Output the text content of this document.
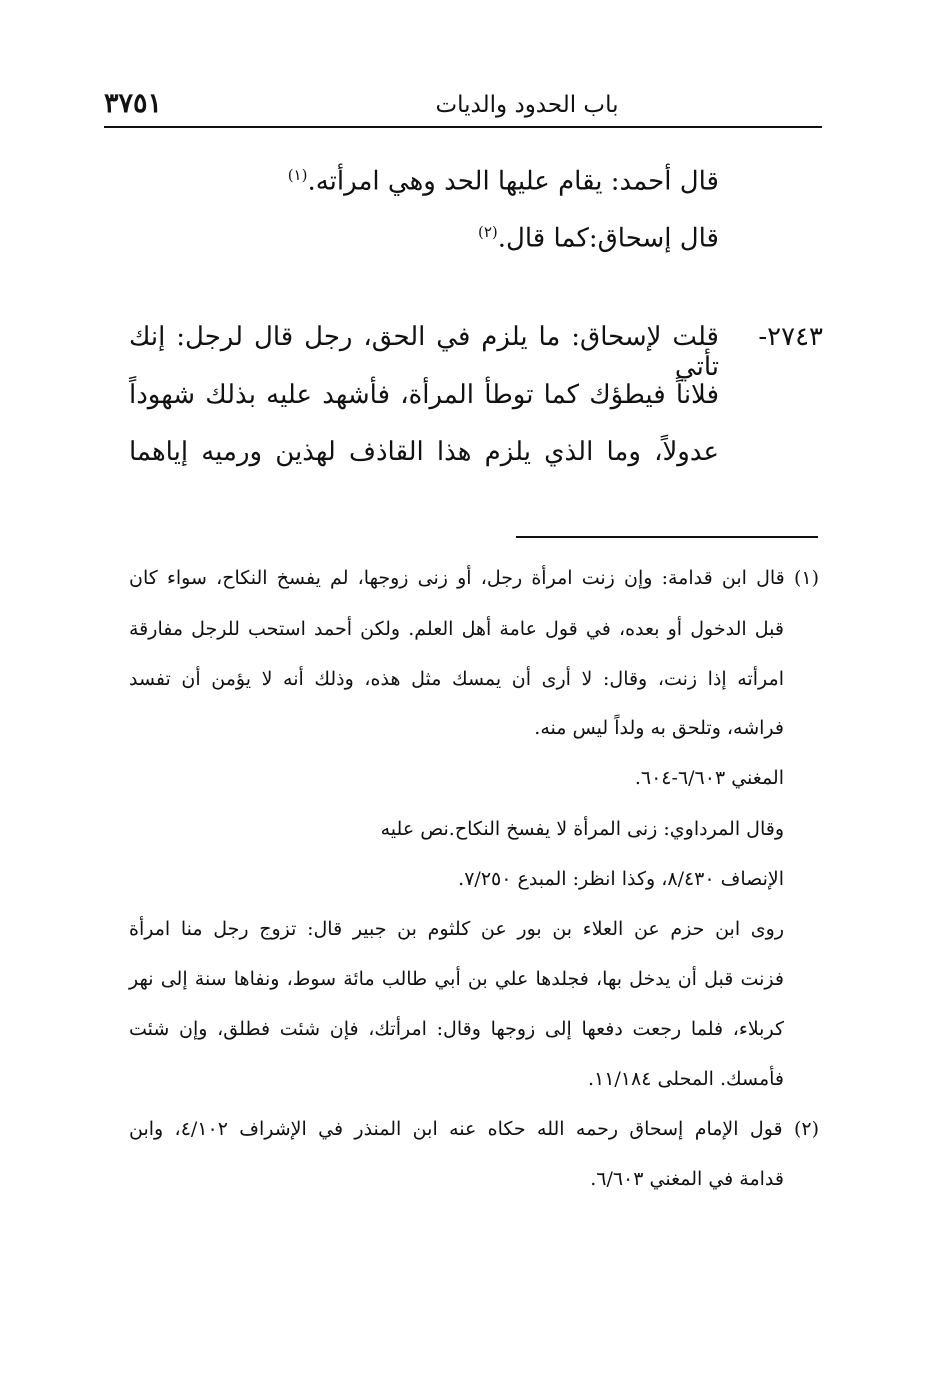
باب الحدود والديات
٣٧٥١
قال أحمد: يقام عليها الحد وهي امرأته.$^{(١)}$
قال إسحاق:كما قال.$^{(٢)}$
٢٧٤٣-
قلت لإسحاق: ما يلزم في الحق، رجل قال لرجل: إنك تأتي
فلاناً فيطؤك كما توطأ المرأة، فأشهد عليه بذلك شهوداً
عدولاً، وما الذي يلزم هذا القاذف لهذين ورميه إياهما
(١) قال ابن قدامة: وإن زنت امرأة رجل، أو زنى زوجها، لم يفسخ النكاح، سواء كان
قبل الدخول أو بعده، في قول عامة أهل العلم. ولكن أحمد استحب للرجل مفارقة
امرأته إذا زنت، وقال: لا أرى أن يمسك مثل هذه، وذلك أنه لا يؤمن أن تفسد
فراشه، وتلحق به ولداً ليس منه.
المغني ٦/٦٠٣-٦٠٤.
وقال المرداوي: زنى المرأة لا يفسخ النكاح.نص عليه
الإنصاف ٨/٤٣٠، وكذا انظر: المبدع ٧/٢٥٠.
روى ابن حزم عن العلاء بن بور عن كلثوم بن جبير قال: تزوج رجل منا امرأة
فزنت قبل أن يدخل بها، فجلدها علي بن أبي طالب مائة سوط، ونفاها سنة إلى نهر
كربلاء، فلما رجعت دفعها إلى زوجها وقال: امرأتك، فإن شئت فطلق، وإن شئت
فأمسك. المحلى ١١/١٨٤.
(٢) قول الإمام إسحاق رحمه الله حكاه عنه ابن المنذر في الإشراف ٤/١٠٢، وابن
قدامة في المغني ٦/٦٠٣.
